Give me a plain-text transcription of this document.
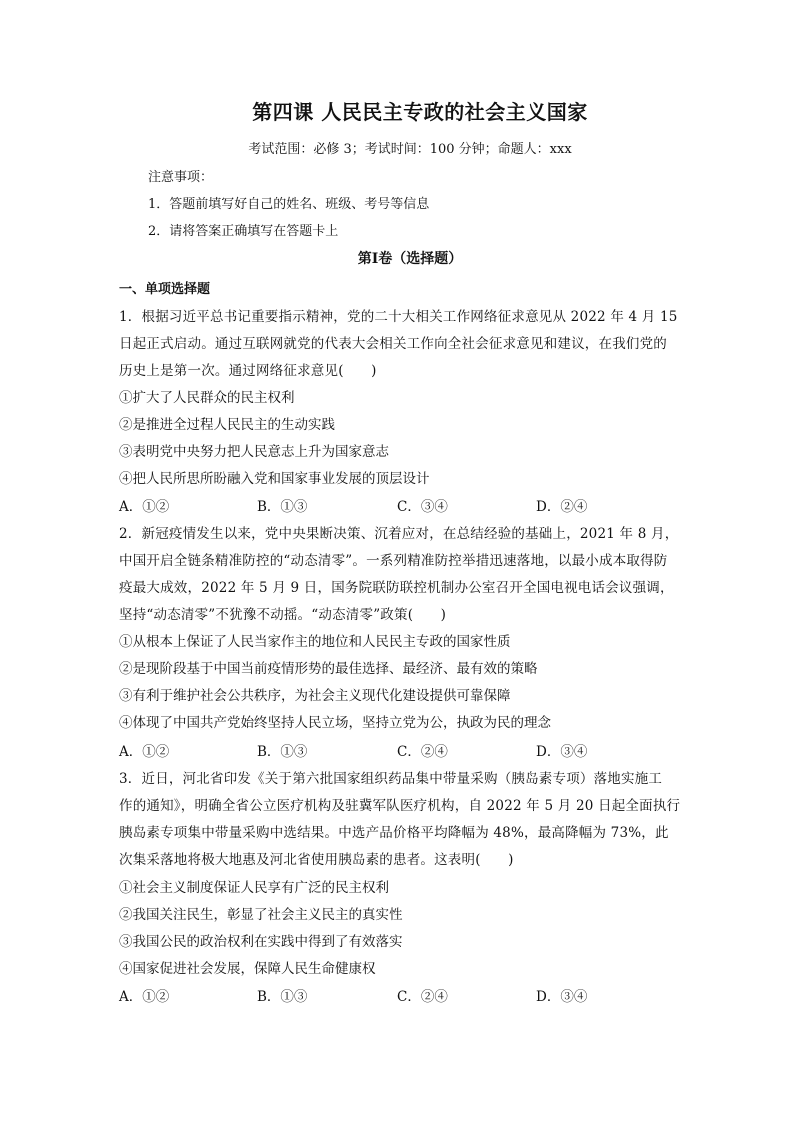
第四课 人民民主专政的社会主义国家
考试范围：必修 3；考试时间：100 分钟；命题人：xxx
注意事项：
1．答题前填写好自己的姓名、班级、考号等信息
2．请将答案正确填写在答题卡上
第I卷（选择题）
一、单项选择题
1．根据习近平总书记重要指示精神，党的二十大相关工作网络征求意见从 2022 年 4 月 15
日起正式启动。通过互联网就党的代表大会相关工作向全社会征求意见和建议，在我们党的
历史上是第一次。通过网络征求意见(　　)
①扩大了人民群众的民主权利
②是推进全过程人民民主的生动实践
③表明党中央努力把人民意志上升为国家意志
④把人民所思所盼融入党和国家事业发展的顶层设计
A．①②	B．①③	C．③④	D．②④
2．新冠疫情发生以来，党中央果断决策、沉着应对，在总结经验的基础上，2021 年 8 月，
中国开启全链条精准防控的“动态清零”。一系列精准防控举措迅速落地，以最小成本取得防
疫最大成效，2022 年 5 月 9 日，国务院联防联控机制办公室召开全国电视电话会议强调，
坚持“动态清零”不犹豫不动摇。“动态清零”政策(　　)
①从根本上保证了人民当家作主的地位和人民民主专政的国家性质
②是现阶段基于中国当前疫情形势的最佳选择、最经济、最有效的策略
③有利于维护社会公共秩序，为社会主义现代化建设提供可靠保障
④体现了中国共产党始终坚持人民立场，坚持立党为公，执政为民的理念
A．①②	B．①③	C．②④	D．③④
3．近日，河北省印发《关于第六批国家组织药品集中带量采购（胰岛素专项）落地实施工
作的通知》，明确全省公立医疗机构及驻冀军队医疗机构，自 2022 年 5 月 20 日起全面执行
胰岛素专项集中带量采购中选结果。中选产品价格平均降幅为 48%，最高降幅为 73%，此
次集采落地将极大地惠及河北省使用胰岛素的患者。这表明(　　)
①社会主义制度保证人民享有广泛的民主权利
②我国关注民生，彰显了社会主义民主的真实性
③我国公民的政治权利在实践中得到了有效落实
④国家促进社会发展，保障人民生命健康权
A．①②	B．①③	C．②④	D．③④
